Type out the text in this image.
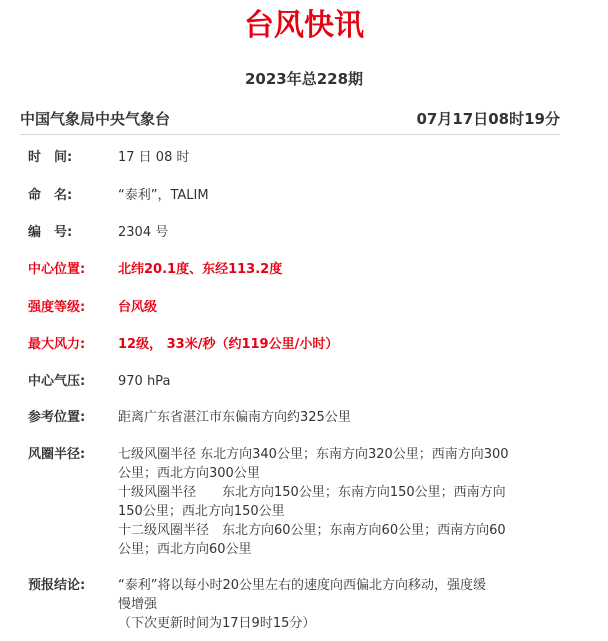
台风快讯
2023年总228期
中国气象局中央气象台	07月17日08时19分
时　间:	17 日 08 时
命　名:	“泰利”，TALIM
编　号:	2304 号
中心位置:	北纬20.1度、东经113.2度
强度等级:	台风级
最大风力:	12级， 33米/秒（约119公里/小时）
中心气压:	970 hPa
参考位置:	距离广东省湛江市东偏南方向约325公里
风圈半径:	七级风圈半径 东北方向340公里；东南方向320公里；西南方向300
公里；西北方向300公里
十级风圈半径　　东北方向150公里；东南方向150公里；西南方向
150公里；西北方向150公里
十二级风圈半径　东北方向60公里；东南方向60公里；西南方向60
公里；西北方向60公里
预报结论:	“泰利”将以每小时20公里左右的速度向西偏北方向移动，强度缓
慢增强
（下次更新时间为17日9时15分）
